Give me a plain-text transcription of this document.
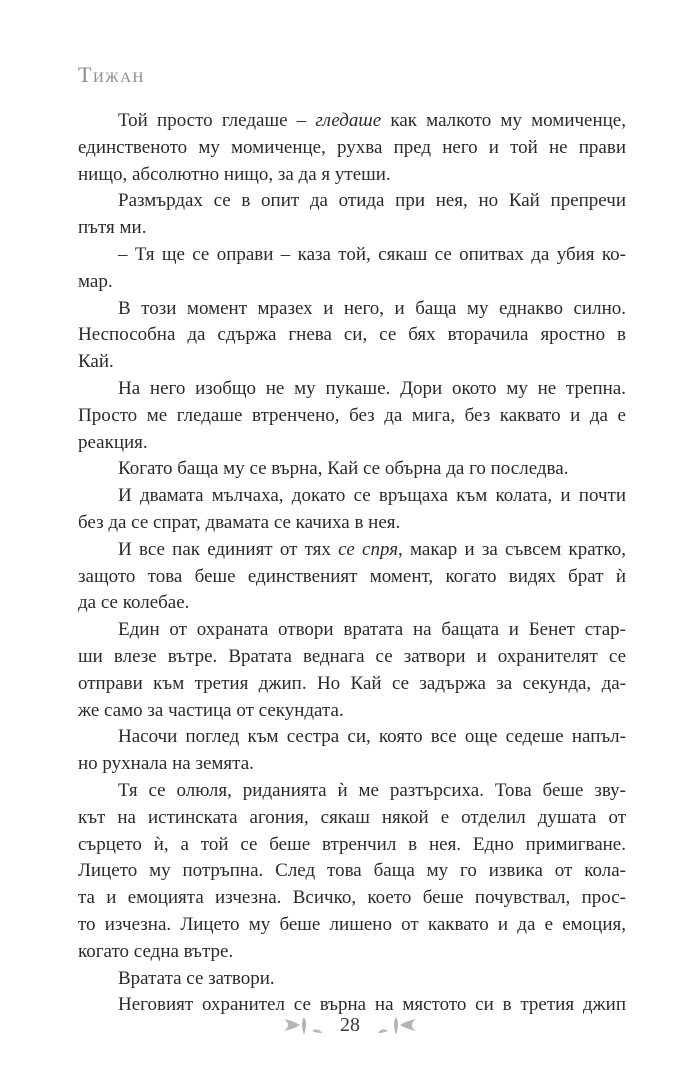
Тижан
Той просто гледаше – гледаше как малкото му момиченце,
единственото му момиченце, рухва пред него и той не прави
нищо, абсолютно нищо, за да я утеши.
Размърдах се в опит да отида при нея, но Кай препречи
пътя ми.
– Тя ще се оправи – каза той, сякаш се опитвах да убия ко-
мар.
В този момент мразех и него, и баща му еднакво силно.
Неспособна да сдържа гнева си, се бях вторачила яростно в
Кай.
На него изобщо не му пукаше. Дори окото му не трепна.
Просто ме гледаше втренчено, без да мига, без каквато и да е
реакция.
Когато баща му се върна, Кай се обърна да го последва.
И двамата мълчаха, докато се връщаха към колата, и почти
без да се спрат, двамата се качиха в нея.
И все пак единият от тях се спря, макар и за съвсем кратко,
защото това беше единственият момент, когато видях брат ѝ
да се колебае.
Един от охраната отвори вратата на бащата и Бенет стар-
ши влезе вътре. Вратата веднага се затвори и охранителят се
отправи към третия джип. Но Кай се задържа за секунда, да-
же само за частица от секундата.
Насочи поглед към сестра си, която все още седеше напъл-
но рухнала на земята.
Тя се олюля, риданията ѝ ме разтърсиха. Това беше зву-
кът на истинската агония, сякаш някой е отделил душата от
сърцето ѝ, а той се беше втренчил в нея. Едно примигване.
Лицето му потръпна. След това баща му го извика от кола-
та и емоцията изчезна. Всичко, което беше почувствал, прос-
то изчезна. Лицето му беше лишено от каквато и да е емоция,
когато седна вътре.
Вратата се затвори.
Неговият охранител се върна на мястото си в третия джип
28
